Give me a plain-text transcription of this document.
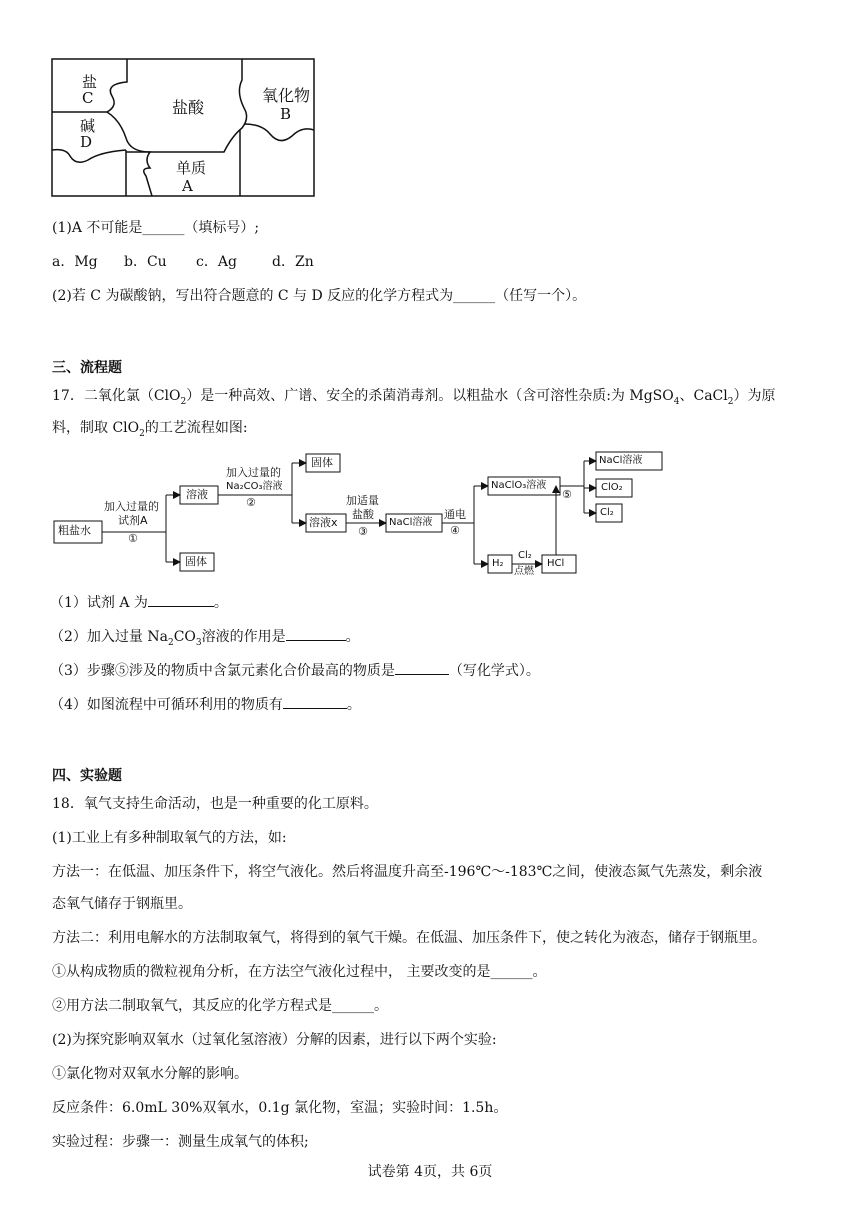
盐
C	盐酸
氧化物
B
碱
D
单质
A
(1)A 不可能是______（填标号）;
a．Mg b．Cu c．Ag	d．Zn
(2)若 C 为碳酸钠，写出符合题意的 C 与 D 反应的化学方程式为______（任写一个）。
三、流程题
17．二氧化氯（ClO$_2$）是一种高效、广谱、安全的杀菌消毒剂。以粗盐水（含可溶性杂质:为 MgSO$_4$、CaCl$_2$）为原
料，制取 ClO$_2$的工艺流程如图:
粗盐水
加入过量的
试剂A
①
溶液
固体
加入过量的
Na₂CO₃溶液
②
固体
溶液x
加适量
盐酸
③
NaCl溶液
通电
④
NaClO₃溶液
⑤
NaCl溶液
ClO₂
Cl₂
H₂
Cl₂
点燃
HCl
（1）试剂 A 为	。
（2）加入过量 $Na_2CO_3$溶液的作用是	。
（3）步骤⑤涉及的物质中含氯元素化合价最高的物质是	（写化学式）。
（4）如图流程中可循环利用的物质有	。
四、实验题
18．氧气支持生命活动，也是一种重要的化工原料。
(1)工业上有多种制取氧气的方法，如:
方法一：在低温、加压条件下，将空气液化。然后将温度升高至-196℃～-183℃之间，使液态氮气先蒸发，剩余液
态氧气储存于钢瓶里。
方法二：利用电解水的方法制取氧气，将得到的氧气干燥。在低温、加压条件下，使之转化为液态，储存于钢瓶里。
①从构成物质的微粒视角分析，在方法空气液化过程中， 主要改变的是______。
②用方法二制取氧气，其反应的化学方程式是______。
(2)为探究影响双氧水（过氧化氢溶液）分解的因素，进行以下两个实验:
①氯化物对双氧水分解的影响。
反应条件：6.0mL 30%双氧水，0.1g 氯化物，室温；实验时间：1.5h。
实验过程：步骤一：测量生成氧气的体积;
试卷第 4页，共 6页
